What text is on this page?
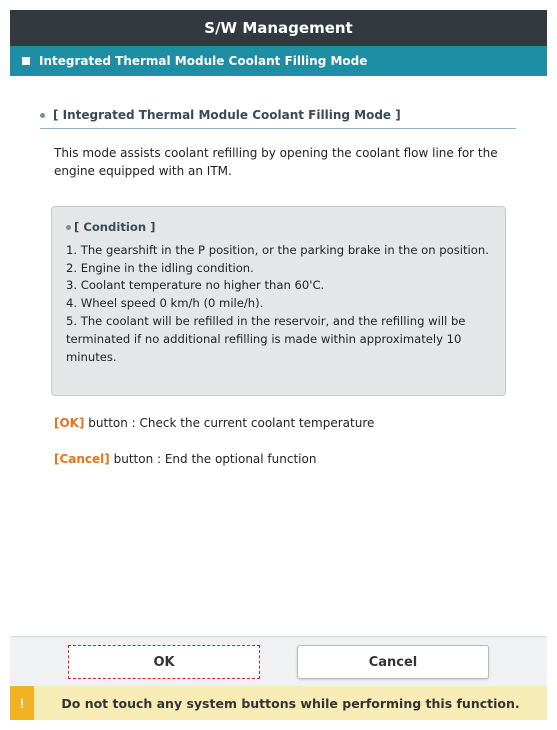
S/W Management
Integrated Thermal Module Coolant Filling Mode
[ Integrated Thermal Module Coolant Filling Mode ]
This mode assists coolant refilling by opening the coolant flow line for the engine equipped with an ITM.
[ Condition ]
1. The gearshift in the P position, or the parking brake in the on position.
2. Engine in the idling condition.
3. Coolant temperature no higher than 60'C.
4. Wheel speed 0 km/h (0 mile/h).
5. The coolant will be refilled in the reservoir, and the refilling will be terminated if no additional refilling is made within approximately 10 minutes.
[OK] button : Check the current coolant temperature
[Cancel] button : End the optional function
OK	Cancel
!	Do not touch any system buttons while performing this function.
